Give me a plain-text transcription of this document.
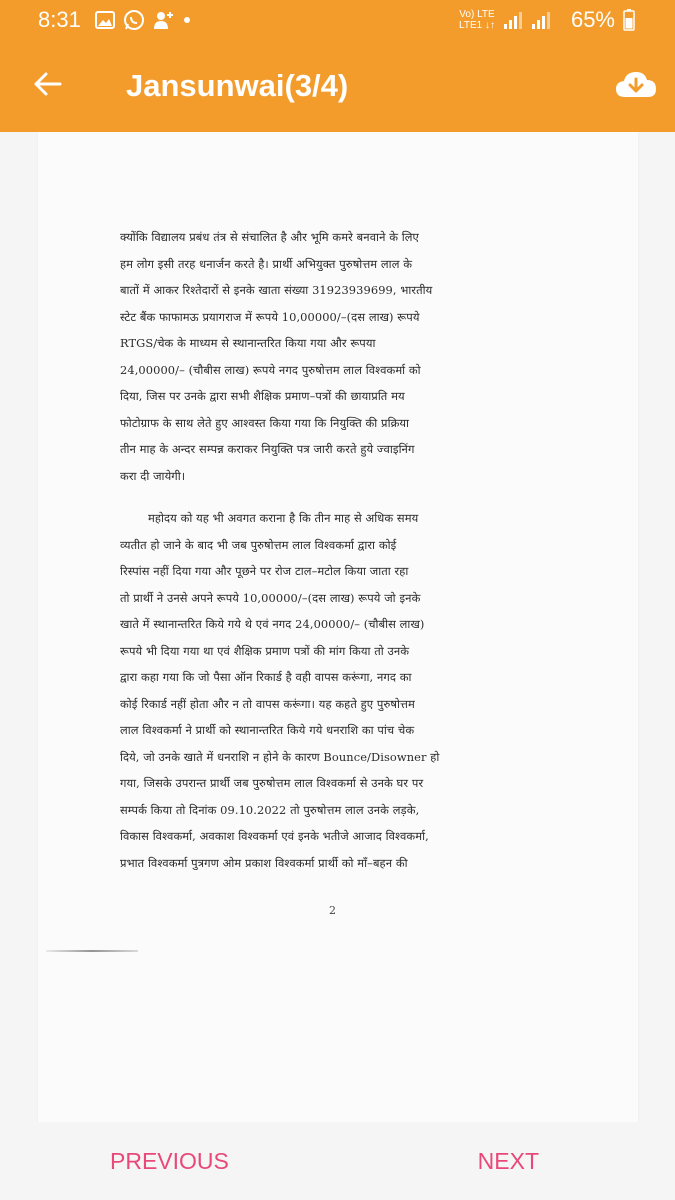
8:31	Vo) LTE
LTE1 ↓↑	65%
Jansunwai(3/4)
क्योंकि विद्यालय प्रबंध तंत्र से संचालित है और भूमि कमरे बनवाने के लिए
हम लोग इसी तरह धनार्जन करते है। प्रार्थी अभियुक्त पुरुषोत्तम लाल के
बातों में आकर रिश्तेदारों से इनके खाता संख्या 31923939699, भारतीय
स्टेट बैंक फाफामऊ प्रयागराज में रूपये 10,00000/–(दस लाख) रूपये
RTGS/चेक के माध्यम से स्थानान्तरित किया गया और रूपया
24,00000/– (चौबीस लाख) रूपये नगद पुरुषोत्तम लाल विश्वकर्मा को
दिया, जिस पर उनके द्वारा सभी शैक्षिक प्रमाण–पत्रों की छायाप्रति मय
फोटोग्राफ के साथ लेते हुए आश्वस्त किया गया कि नियुक्ति की प्रक्रिया
तीन माह के अन्दर सम्पन्न कराकर नियुक्ति पत्र जारी करते हुये ज्वाइनिंग
करा दी जायेगी।
महोदय को यह भी अवगत कराना है कि तीन माह से अधिक समय
व्यतीत हो जाने के बाद भी जब पुरुषोत्तम लाल विश्वकर्मा द्वारा कोई
रिस्पांस नहीं दिया गया और पूछने पर रोज टाल–मटोल किया जाता रहा
तो प्रार्थी ने उनसे अपने रूपये 10,00000/–(दस लाख) रूपये जो इनके
खाते में स्थानान्तरित किये गये थे एवं नगद 24,00000/– (चौबीस लाख)
रूपये भी दिया गया था एवं शैक्षिक प्रमाण पत्रों की मांग किया तो उनके
द्वारा कहा गया कि जो पैसा ऑन रिकार्ड है वही वापस करूंगा, नगद का
कोई रिकार्ड नहीं होता और न तो वापस करूंगा। यह कहते हुए पुरुषोत्तम
लाल विश्वकर्मा ने प्रार्थी को स्थानान्तरित किये गये धनराशि का पांच चेक
दिये, जो उनके खाते में धनराशि न होने के कारण Bounce/Disowner हो
गया, जिसके उपरान्त प्रार्थी जब पुरुषोत्तम लाल विश्वकर्मा से उनके घर पर
सम्पर्क किया तो दिनांक 09.10.2022 तो पुरुषोत्तम लाल उनके लड़के,
विकास विश्वकर्मा, अवकाश विश्वकर्मा एवं इनके भतीजे आजाद विश्वकर्मा,
प्रभात विश्वकर्मा पुत्रगण ओम प्रकाश विश्वकर्मा प्रार्थी को माँ–बहन की
2
PREVIOUS	NEXT
